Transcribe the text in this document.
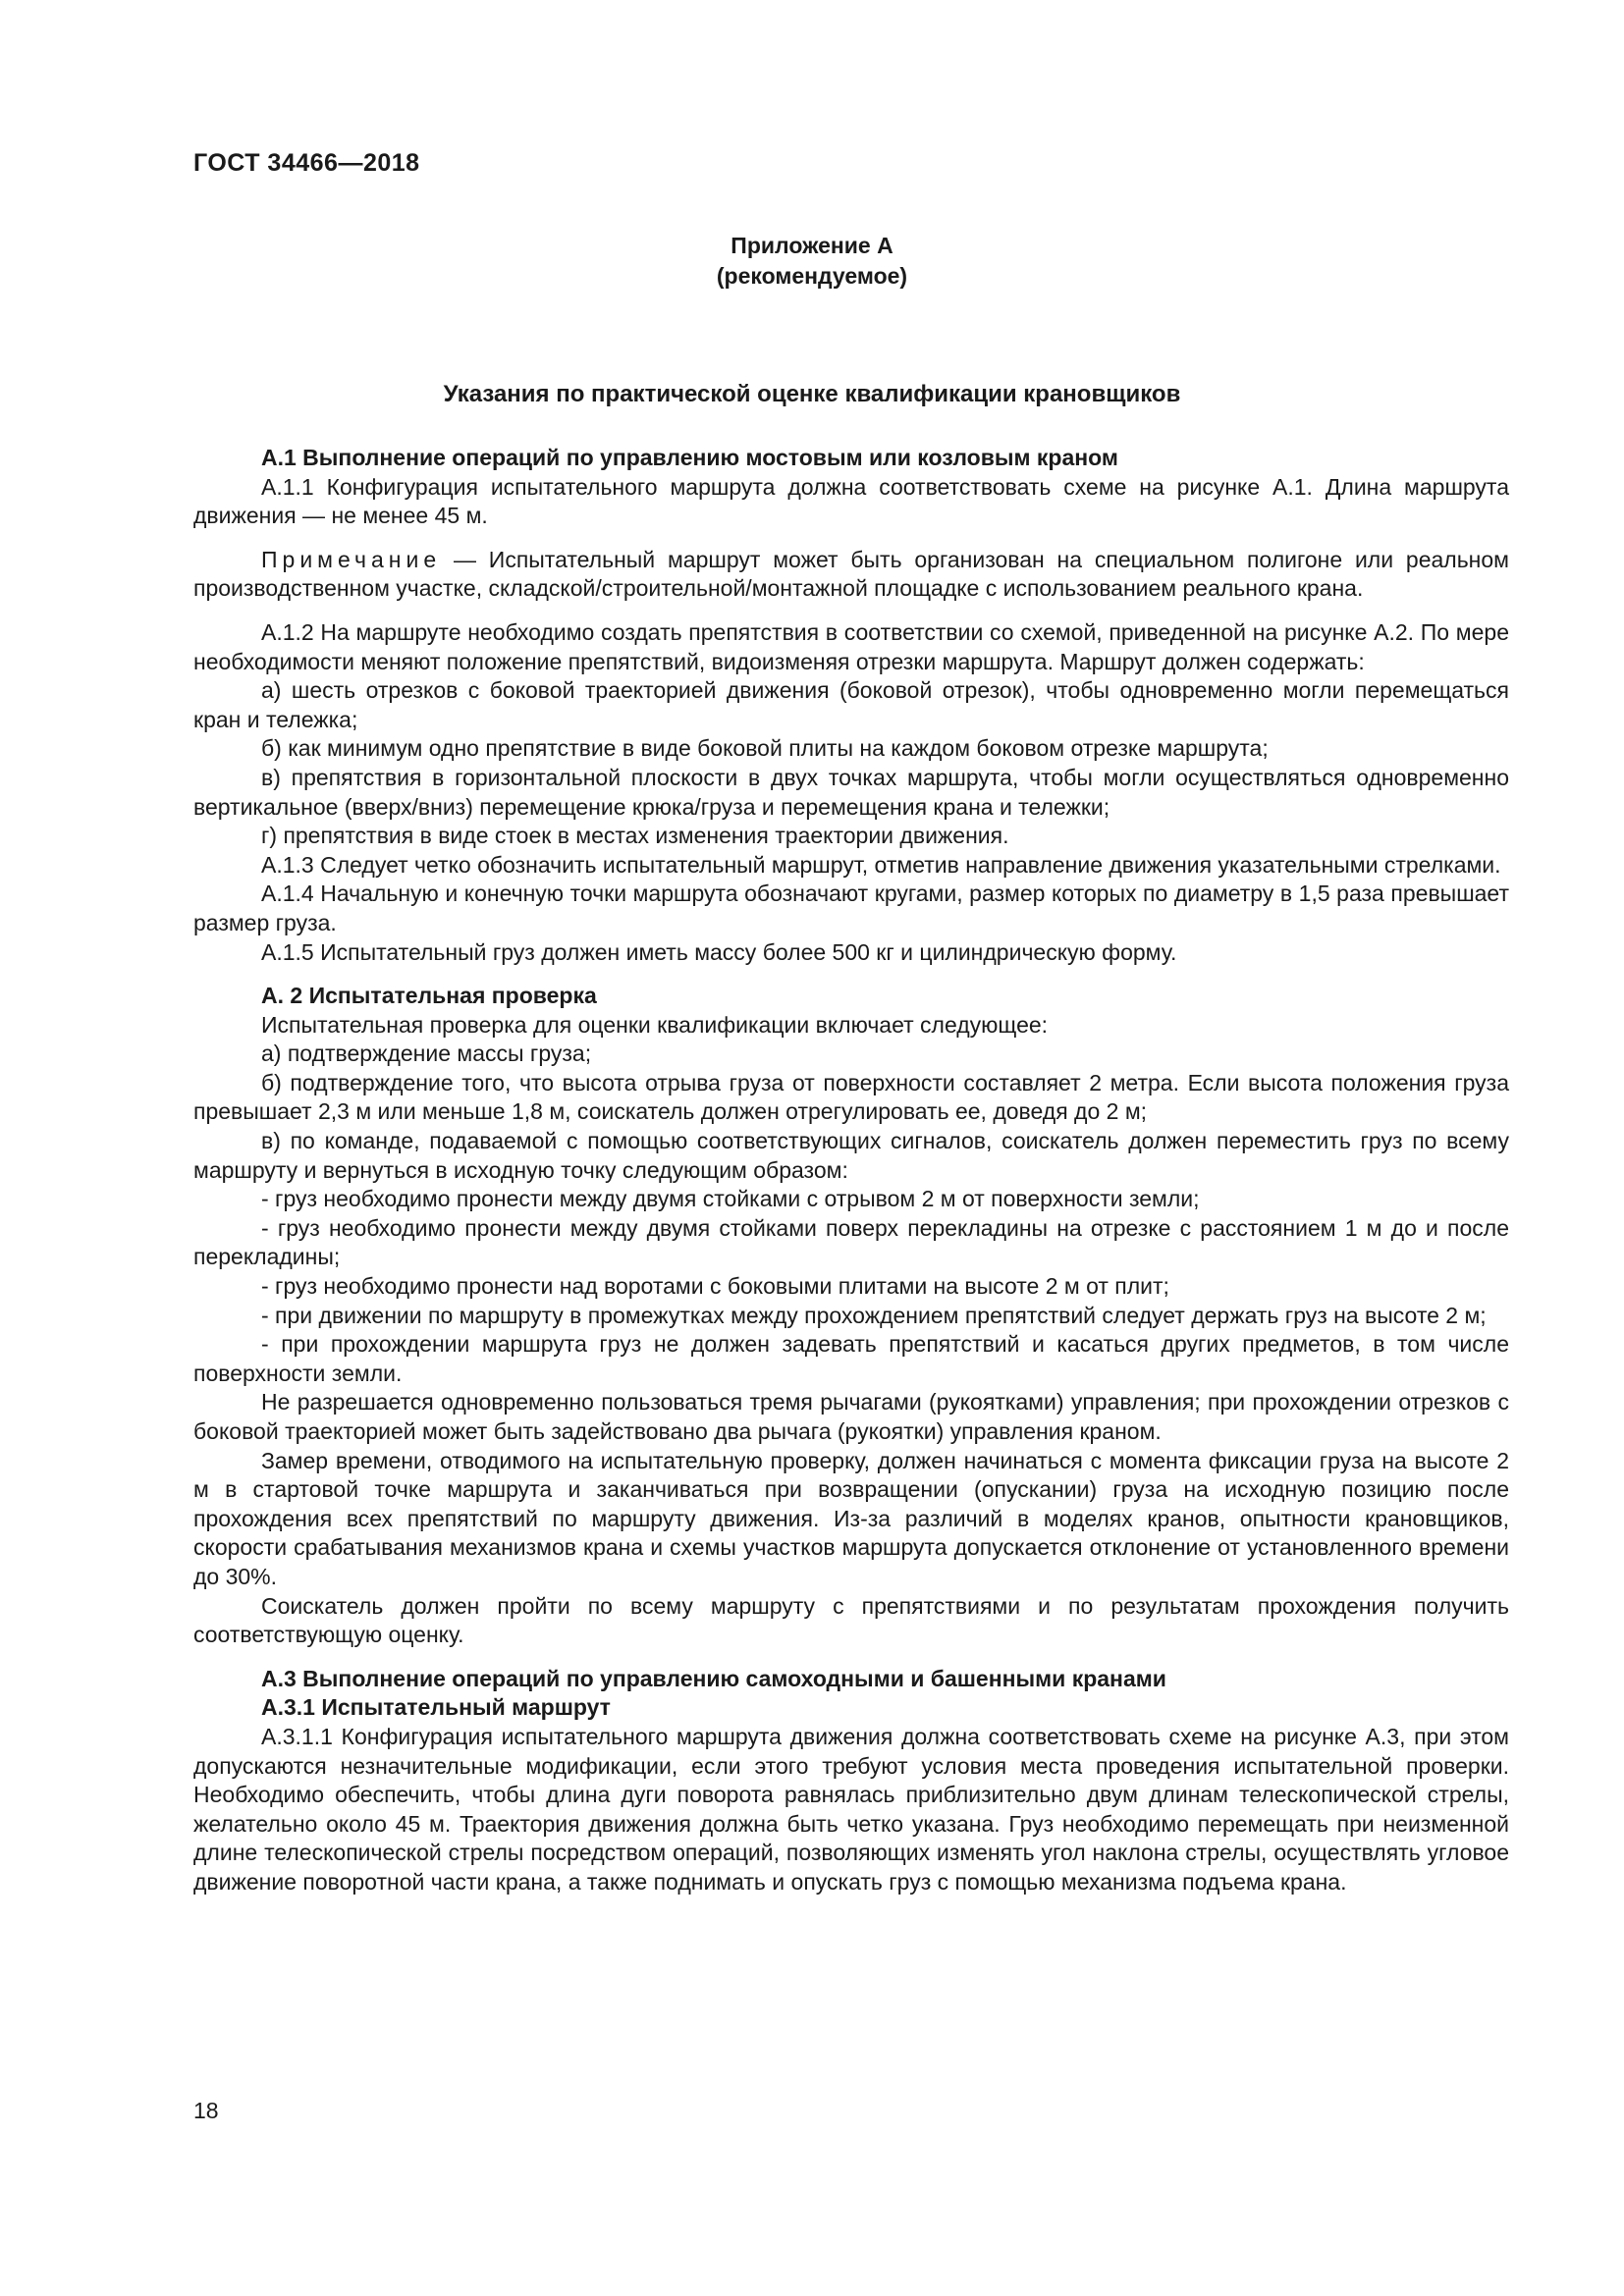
ГОСТ 34466—2018
Приложение А
(рекомендуемое)
Указания по практической оценке квалификации крановщиков

А.1 Выполнение операций по управлению мостовым или козловым краном

А.1.1 Конфигурация испытательного маршрута должна соответствовать схеме на рисунке А.1. Длина маршрута движения — не менее 45 м.

Примечание — Испытательный маршрут может быть организован на специальном полигоне или реальном производственном участке, складской/строительной/монтажной площадке с использованием реального крана.

А.1.2 На маршруте необходимо создать препятствия в соответствии со схемой, приведенной на рисунке А.2. По мере необходимости меняют положение препятствий, видоизменяя отрезки маршрута. Маршрут должен содержать:

а) шесть отрезков с боковой траекторией движения (боковой отрезок), чтобы одновременно могли перемещаться кран и тележка;

б) как минимум одно препятствие в виде боковой плиты на каждом боковом отрезке маршрута;

в) препятствия в горизонтальной плоскости в двух точках маршрута, чтобы могли осуществляться одновременно вертикальное (вверх/вниз) перемещение крюка/груза и перемещения крана и тележки;

г) препятствия в виде стоек в местах изменения траектории движения.

А.1.3 Следует четко обозначить испытательный маршрут, отметив направление движения указательными стрелками.

А.1.4 Начальную и конечную точки маршрута обозначают кругами, размер которых по диаметру в 1,5 раза превышает размер груза.

А.1.5 Испытательный груз должен иметь массу более 500 кг и цилиндрическую форму.

А. 2 Испытательная проверка

Испытательная проверка для оценки квалификации включает следующее:

а) подтверждение массы груза;

б) подтверждение того, что высота отрыва груза от поверхности составляет 2 метра. Если высота положения груза превышает 2,3 м или меньше 1,8 м, соискатель должен отрегулировать ее, доведя до 2 м;

в) по команде, подаваемой с помощью соответствующих сигналов, соискатель должен переместить груз по всему маршруту и вернуться в исходную точку следующим образом:

- груз необходимо пронести между двумя стойками с отрывом 2 м от поверхности земли;

- груз необходимо пронести между двумя стойками поверх перекладины на отрезке с расстоянием 1 м до и после перекладины;

- груз необходимо пронести над воротами с боковыми плитами на высоте 2 м от плит;

- при движении по маршруту в промежутках между прохождением препятствий следует держать груз на высоте 2 м;

- при прохождении маршрута груз не должен задевать препятствий и касаться других предметов, в том числе поверхности земли.

Не разрешается одновременно пользоваться тремя рычагами (рукоятками) управления; при прохождении отрезков с боковой траекторией может быть задействовано два рычага (рукоятки) управления краном.

Замер времени, отводимого на испытательную проверку, должен начинаться с момента фиксации груза на высоте 2 м в стартовой точке маршрута и заканчиваться при возвращении (опускании) груза на исходную позицию после прохождения всех препятствий по маршруту движения. Из-за различий в моделях кранов, опытности крановщиков, скорости срабатывания механизмов крана и схемы участков маршрута допускается отклонение от установленного времени до 30%.

Соискатель должен пройти по всему маршруту с препятствиями и по результатам прохождения получить соответствующую оценку.

А.3 Выполнение операций по управлению самоходными и башенными кранами

А.3.1 Испытательный маршрут

А.3.1.1 Конфигурация испытательного маршрута движения должна соответствовать схеме на рисунке А.3, при этом допускаются незначительные модификации, если этого требуют условия места проведения испытательной проверки. Необходимо обеспечить, чтобы длина дуги поворота равнялась приблизительно двум длинам телескопической стрелы, желательно около 45 м. Траектория движения должна быть четко указана. Груз необходимо перемещать при неизменной длине телескопической стрелы посредством операций, позволяющих изменять угол наклона стрелы, осуществлять угловое движение поворотной части крана, а также поднимать и опускать груз с помощью механизма подъема крана.

18
